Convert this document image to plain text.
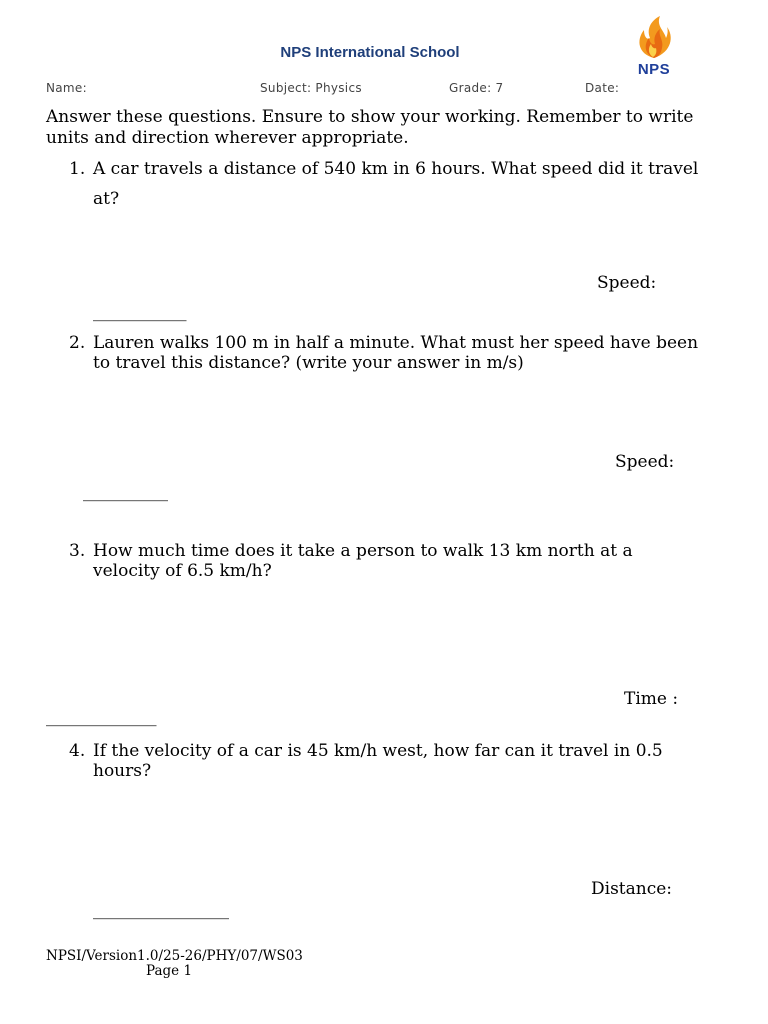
NPS International School
NPS
Name:	Subject: Physics	Grade: 7	Date:
Answer these questions. Ensure to show your working. Remember to write units and direction wherever appropriate.
1. A car travels a distance of 540 km in 6 hours. What speed did it travel at?
Speed:
___________
2. Lauren walks 100 m in half a minute. What must her speed have been to travel this distance? (write your answer in m/s)
Speed:
__________
3. How much time does it take a person to walk 13 km north at a velocity of 6.5 km/h?
Time :
_____________
4. If the velocity of a car is 45 km/h west, how far can it travel in 0.5 hours?
Distance:
________________
NPSI/Version1.0/25-26/PHY/07/WS03
Page 1
